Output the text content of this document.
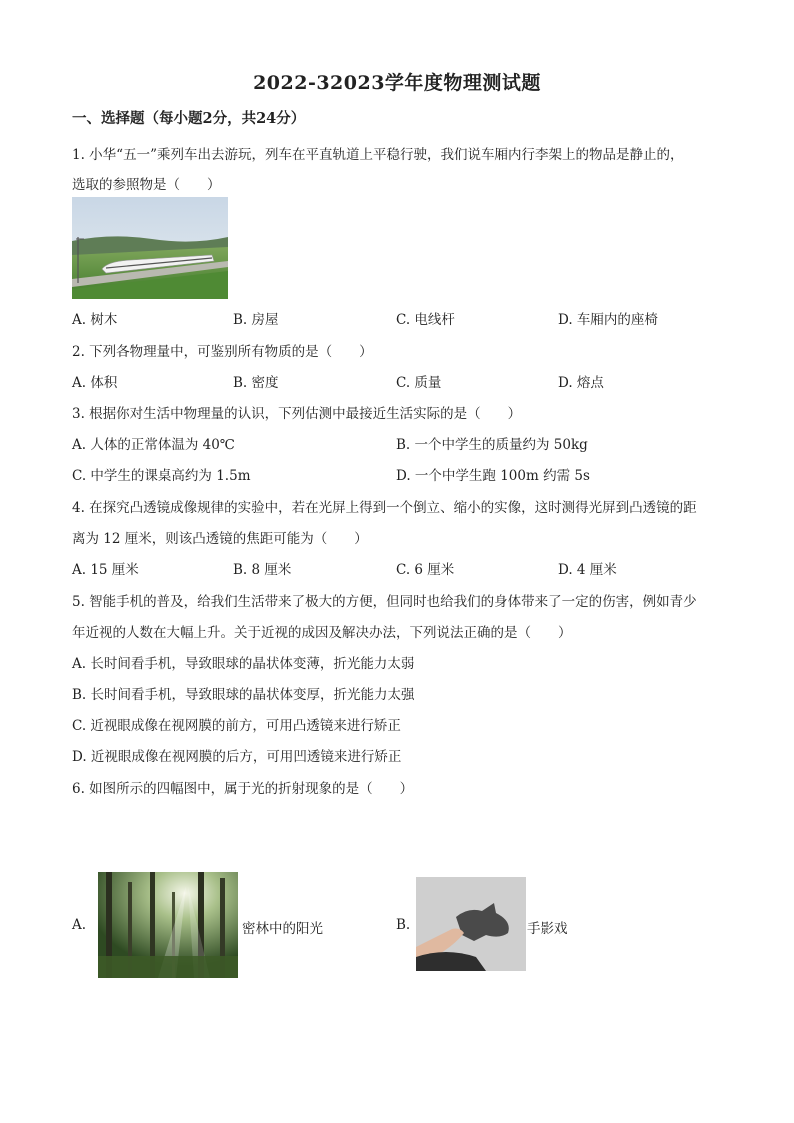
2022-32023学年度物理测试题
一、选择题（每小题2分，共24分）
1. 小华“五一”乘列车出去游玩，列车在平直轨道上平稳行驶，我们说车厢内行李架上的物品是静止的，
选取的参照物是（　　）
A. 树木	B. 房屋	C. 电线杆	D. 车厢内的座椅
2. 下列各物理量中，可鉴别所有物质的是（　　）
A. 体积	B. 密度	C. 质量	D. 熔点
3. 根据你对生活中物理量的认识，下列估测中最接近生活实际的是（　　）
A. 人体的正常体温为 40℃	B. 一个中学生的质量约为 50kg
C. 中学生的课桌高约为 1.5m	D. 一个中学生跑 100m 约需 5s
4. 在探究凸透镜成像规律的实验中，若在光屏上得到一个倒立、缩小的实像，这时测得光屏到凸透镜的距
离为 12 厘米，则该凸透镜的焦距可能为（　　）
A. 15 厘米	B. 8 厘米	C. 6 厘米	D. 4 厘米
5. 智能手机的普及，给我们生活带来了极大的方便，但同时也给我们的身体带来了一定的伤害，例如青少
年近视的人数在大幅上升。关于近视的成因及解决办法，下列说法正确的是（　　）
A. 长时间看手机，导致眼球的晶状体变薄，折光能力太弱
B. 长时间看手机，导致眼球的晶状体变厚，折光能力太强
C. 近视眼成像在视网膜的前方，可用凸透镜来进行矫正
D. 近视眼成像在视网膜的后方，可用凹透镜来进行矫正
6. 如图所示的四幅图中，属于光的折射现象的是（　　）
A.	密林中的阳光	B.	手影戏
